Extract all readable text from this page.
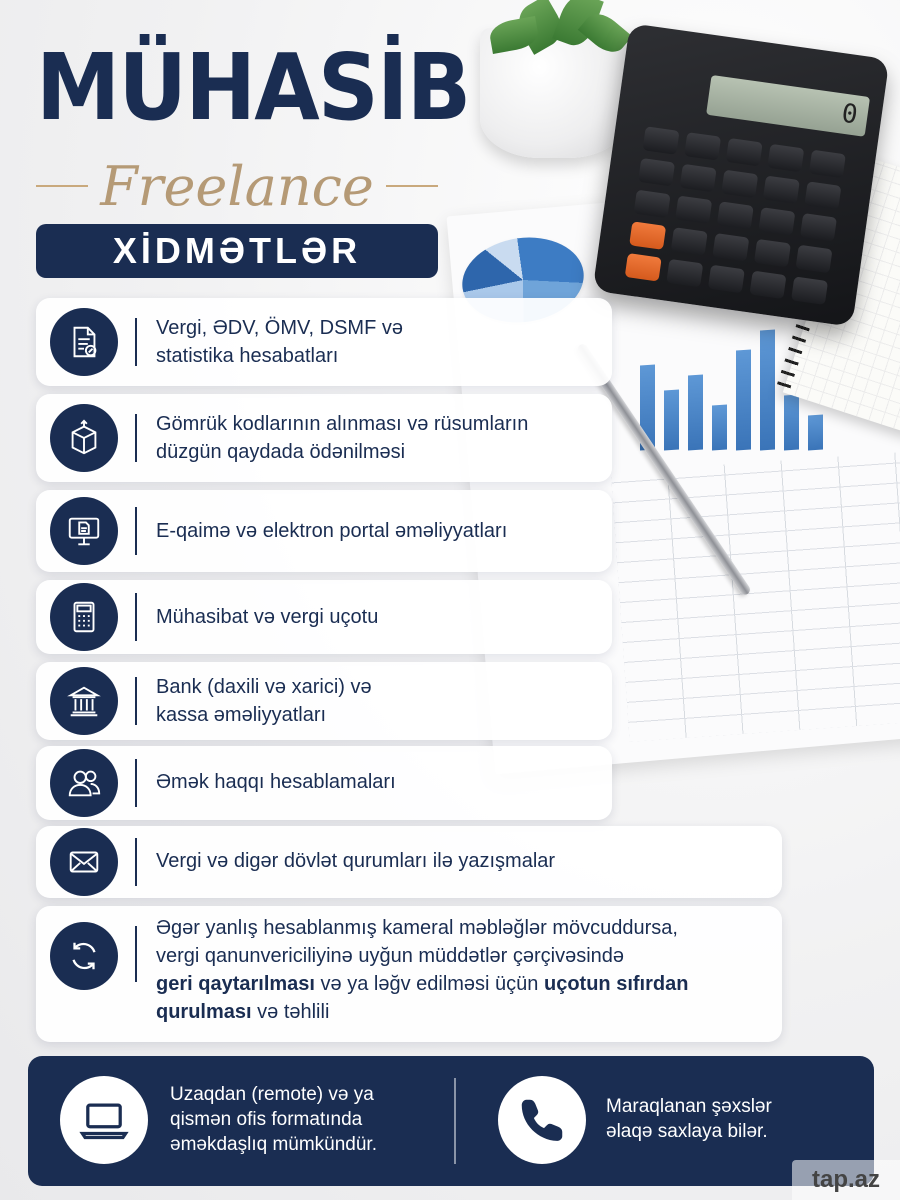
0
MÜHASİB
Freelance
XİDMƏTLƏR
Vergi, ƏDV, ÖMV, DSMF və
statistika hesabatları
Gömrük kodlarının alınması və rüsumların
düzgün qaydada ödənilməsi
E-qaimə və elektron portal əməliyyatları
Mühasibat və vergi uçotu
Bank (daxili və xarici) və
kassa əməliyyatları
Əmək haqqı hesablamaları
Vergi və digər dövlət qurumları ilə yazışmalar
Əgər yanlış hesablanmış kameral məbləğlər mövcuddursa,
vergi qanunvericiliyinə uyğun müddətlər çərçivəsində
geri qaytarılması və ya ləğv edilməsi üçün uçotun sıfırdan
qurulması və təhlili
Uzaqdan (remote) və ya
qismən ofis formatında
əməkdaşlıq mümkündür.
Maraqlanan şəxslər
əlaqə saxlaya bilər.
tap.az
